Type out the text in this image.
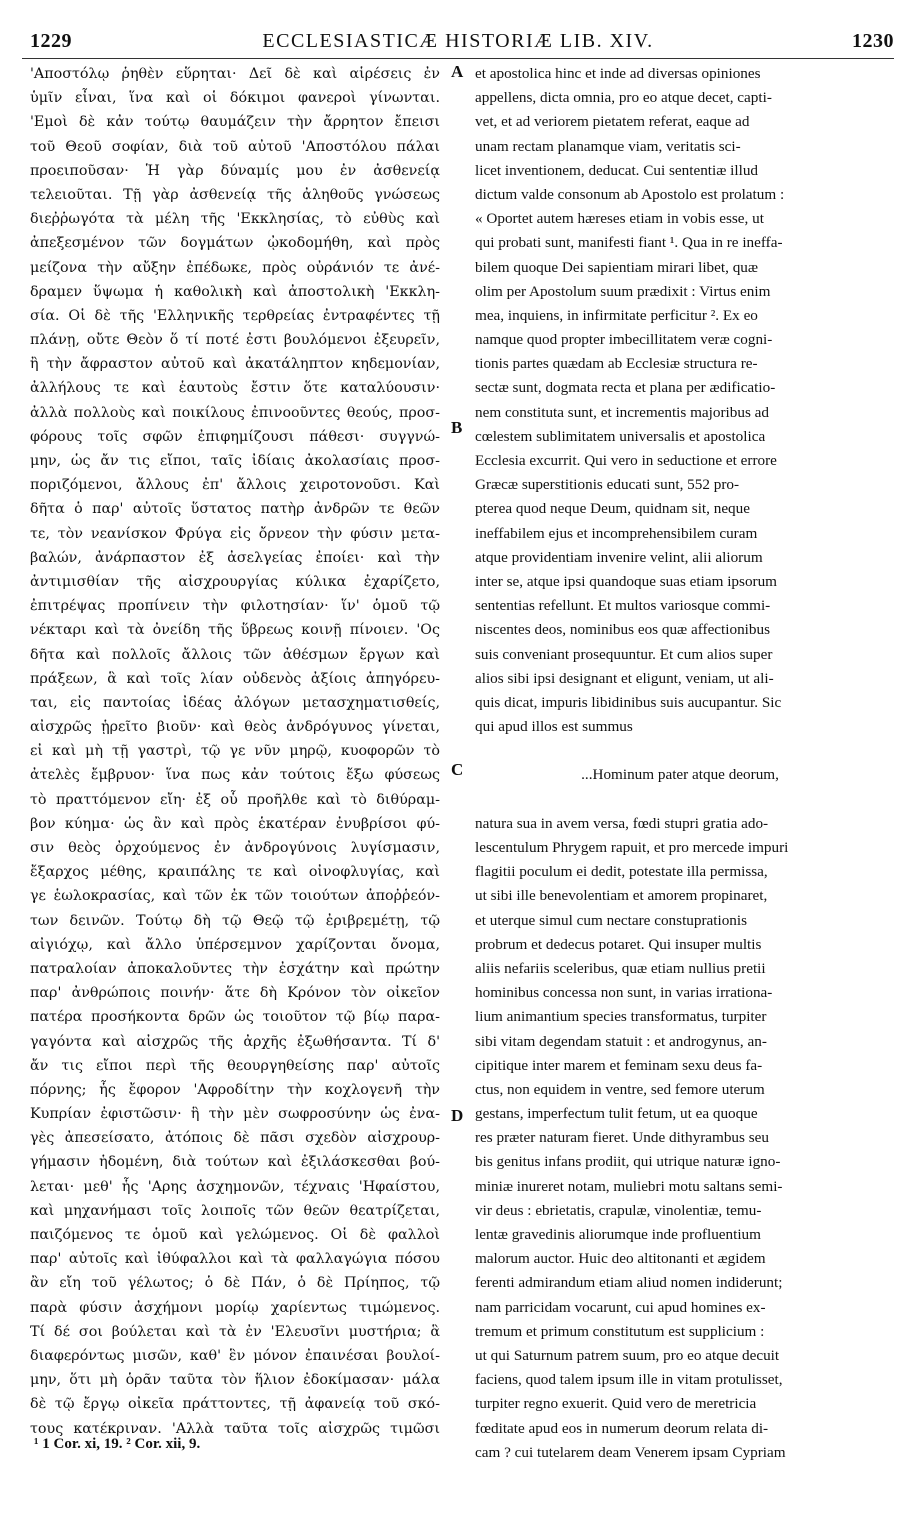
1229	ECCLESIASTICÆ HISTORIÆ LIB. XIV.	1230
'Αποστόλῳ ῥηθὲν εὕρηται· Δεῖ δὲ καὶ αἱρέσεις ἐν
ὑμῖν εἶναι, ἵνα καὶ οἱ δόκιμοι φανεροὶ γίνωνται.
'Εμοὶ δὲ κἀν τούτῳ θαυμάζειν τὴν ἄρρητον ἔπεισι
τοῦ Θεοῦ σοφίαν, διὰ τοῦ αὐτοῦ 'Αποστόλου πάλαι
προειποῦσαν· Ἡ γὰρ δύναμίς μου ἐν ἀσθενείᾳ
τελειοῦται. Τῇ γὰρ ἀσθενείᾳ τῆς ἀληθοῦς γνώσεως
διεῤῥωγότα τὰ μέλη τῆς 'Εκκλησίας, τὸ εὐθὺς καὶ
ἀπεξεσμένον τῶν δογμάτων ᾠκοδομήθη, καὶ πρὸς
μείζονα τὴν αὔξην ἐπέδωκε, πρὸς οὐράνιόν τε ἀνέ-
δραμεν ὕψωμα ἡ καθολικὴ καὶ ἀποστολικὴ 'Εκκλη-
σία. Οἱ δὲ τῆς 'Ελληνικῆς τερθρείας ἐντραφέντες τῇ
πλάνῃ, οὔτε Θεὸν ὅ τί ποτέ ἐστι βουλόμενοι ἐξευρεῖν,
ἢ τὴν ἄφραστον αὐτοῦ καὶ ἀκατάληπτον κηδεμονίαν,
ἀλλήλους τε καὶ ἑαυτοὺς ἔστιν ὅτε καταλύουσιν·
ἀλλὰ πολλοὺς καὶ ποικίλους ἐπινοοῦντες θεούς, προσ-
φόρους τοῖς σφῶν ἐπιφημίζουσι πάθεσι· συγγνώ-
μην, ὡς ἄν τις εἴποι, ταῖς ἰδίαις ἀκολασίαις προσ-
ποριζόμενοι, ἄλλους ἐπ' ἄλλοις χειροτονοῦσι. Καὶ
δῆτα ὁ παρ' αὐτοῖς ὕστατος πατὴρ ἀνδρῶν τε θεῶν
τε, τὸν νεανίσκον Φρύγα εἰς ὄρνεον τὴν φύσιν μετα-
βαλών, ἀνάρπαστον ἐξ ἀσελγείας ἐποίει· καὶ τὴν
ἀντιμισθίαν τῆς αἰσχρουργίας κύλικα ἐχαρίζετο,
ἐπιτρέψας προπίνειν τὴν φιλοτησίαν· ἵν' ὁμοῦ τῷ
νέκταρι καὶ τὰ ὀνείδη τῆς ὕβρεως κοινῇ πίνοιεν. 'Ος
δῆτα καὶ πολλοῖς ἄλλοις τῶν ἀθέσμων ἔργων καὶ
πράξεων, ἃ καὶ τοῖς λίαν οὐδενὸς ἀξίοις ἀπηγόρευ-
ται, εἰς παντοίας ἰδέας ἀλόγων μετασχηματισθείς,
αἰσχρῶς ᾑρεῖτο βιοῦν· καὶ θεὸς ἀνδρόγυνος γίνεται,
εἰ καὶ μὴ τῇ γαστρὶ, τῷ γε νῦν μηρῷ, κυοφορῶν τὸ
ἀτελὲς ἔμβρυον· ἵνα πως κἀν τούτοις ἔξω φύσεως
τὸ πραττόμενον εἴη· ἐξ οὗ προῆλθε καὶ τὸ διθύραμ-
βον κύημα· ὡς ἂν καὶ πρὸς ἑκατέραν ἐνυβρίσοι φύ-
σιν θεὸς ὀρχούμενος ἐν ἀνδρογύνοις λυγίσμασιν,
ἔξαρχος μέθης, κραιπάλης τε καὶ οἰνοφλυγίας, καὶ
γε ἑωλοκρασίας, καὶ τῶν ἐκ τῶν τοιούτων ἀποῤῥεόν-
των δεινῶν. Τούτῳ δὴ τῷ Θεῷ τῷ ἐριβρεμέτῃ, τῷ
αἰγιόχῳ, καὶ ἄλλο ὑπέρσεμνον χαρίζονται ὄνομα,
πατραλοίαν ἀποκαλοῦντες τὴν ἐσχάτην καὶ πρώτην
παρ' ἀνθρώποις ποινήν· ἅτε δὴ Κρόνον τὸν οἰκεῖον
πατέρα προσήκοντα δρῶν ὡς τοιοῦτον τῷ βίῳ παρα-
γαγόντα καὶ αἰσχρῶς τῆς ἀρχῆς ἐξωθήσαντα. Τί δ'
ἄν τις εἴποι περὶ τῆς θεουργηθείσης παρ' αὐτοῖς
πόρνης; ἧς ἔφορον 'Αφροδίτην τὴν κοχλογενῆ τὴν
Κυπρίαν ἐφιστῶσιν· ἣ τὴν μὲν σωφροσύνην ὡς ἐνα-
γὲς ἀπεσείσατο, ἀτόποις δὲ πᾶσι σχεδὸν αἰσχρουρ-
γήμασιν ἡδομένη, διὰ τούτων καὶ ἐξιλάσκεσθαι βού-
λεται· μεθ' ἧς 'Αρης ἀσχημονῶν, τέχναις 'Ηφαίστου,
καὶ μηχανήμασι τοῖς λοιποῖς τῶν θεῶν θεατρίζεται,
παιζόμενος τε ὁμοῦ καὶ γελώμενος. Οἱ δὲ φαλλοὶ
παρ' αὐτοῖς καὶ ἰθύφαλλοι καὶ τὰ φαλλαγώγια πόσου
ἂν εἴη τοῦ γέλωτος; ὁ δὲ Πάν, ὁ δὲ Πρίηπος, τῷ
παρὰ φύσιν ἀσχήμονι μορίῳ χαρίεντως τιμώμενος.
Τί δέ σοι βούλεται καὶ τὰ ἐν 'Ελευσῖνι μυστήρια; ἃ
διαφερόντως μισῶν, καθ' ἓν μόνον ἐπαινέσαι βουλοί-
μην, ὅτι μὴ ὁρᾶν ταῦτα τὸν ἥλιον ἐδοκίμασαν· μάλα
δὲ τῷ ἔργῳ οἰκεῖα πράττοντες, τῇ ἀφανείᾳ τοῦ σκό-
τους κατέκριναν. 'Αλλὰ ταῦτα τοῖς αἰσχρῶς τιμῶσι
et apostolica hinc et inde ad diversas opiniones
appellens, dicta omnia, pro eo atque decet, capti-
vet, et ad veriorem pietatem referat, eaque ad
unam rectam planamque viam, veritatis sci-
licet inventionem, deducat. Cui sententiæ illud
dictum valde consonum ab Apostolo est prolatum :
« Oportet autem hæreses etiam in vobis esse, ut
qui probati sunt, manifesti fiant ¹. Qua in re ineffa-
bilem quoque Dei sapientiam mirari libet, quæ
olim per Apostolum suum prædixit : Virtus enim
mea, inquiens, in infirmitate perficitur ². Ex eo
namque quod propter imbecillitatem veræ cogni-
tionis partes quædam ab Ecclesiæ structura re-
sectæ sunt, dogmata recta et plana per ædificatio-
nem constituta sunt, et incrementis majoribus ad
cœlestem sublimitatem universalis et apostolica
Ecclesia excurrit. Qui vero in seductione et errore
Græcæ superstitionis educati sunt, 552 pro-
pterea quod neque Deum, quidnam sit, neque
ineffabilem ejus et incomprehensibilem curam
atque providentiam invenire velint, alii aliorum
inter se, atque ipsi quandoque suas etiam ipsorum
sententias refellunt. Et multos variosque commi-
niscentes deos, nominibus eos quæ affectionibus
suis conveniant prosequuntur. Et cum alios super
alios sibi ipsi designant et eligunt, veniam, ut ali-
quis dicat, impuris libidinibus suis aucupantur. Sic
qui apud illos est summus
...Hominum pater atque deorum,
natura sua in avem versa, fœdi stupri gratia ado-
lescentulum Phrygem rapuit, et pro mercede impuri
flagitii poculum ei dedit, potestate illa permissa,
ut sibi ille benevolentiam et amorem propinaret,
et uterque simul cum nectare constuprationis
probrum et dedecus potaret. Qui insuper multis
aliis nefariis sceleribus, quæ etiam nullius pretii
hominibus concessa non sunt, in varias irrationa-
lium animantium species transformatus, turpiter
sibi vitam degendam statuit : et androgynus, an-
cipitique inter marem et feminam sexu deus fa-
ctus, non equidem in ventre, sed femore uterum
gestans, imperfectum tulit fetum, ut ea quoque
res præter naturam fieret. Unde dithyrambus seu
bis genitus infans prodiit, qui utrique naturæ igno-
miniæ inureret notam, muliebri motu saltans semi-
vir deus : ebrietatis, crapulæ, vinolentiæ, temu-
lentæ gravedinis aliorumque inde profluentium
malorum auctor. Huic deo altitonanti et ægidem
ferenti admirandum etiam aliud nomen indiderunt;
nam parricidam vocarunt, cui apud homines ex-
tremum et primum constitutum est supplicium :
ut qui Saturnum patrem suum, pro eo atque decuit
faciens, quod talem ipsum ille in vitam protulisset,
turpiter regno exuerit. Quid vero de meretricia
fœditate apud eos in numerum deorum relata di-
cam ? cui tutelarem deam Venerem ipsam Cypriam
A
B
C
D
¹ 1 Cor. xi, 19. ² Cor. xii, 9.
